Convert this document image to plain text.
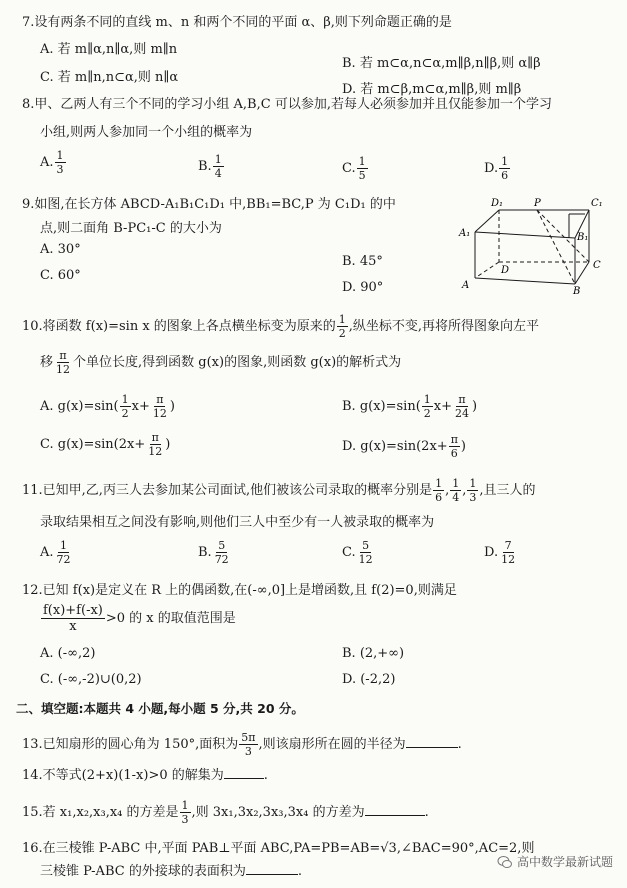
7.设有两条不同的直线 m、n 和两个不同的平面 α、β,则下列命题正确的是
A. 若 m∥α,n∥α,则 m∥n
B. 若 m⊂α,n⊂α,m∥β,n∥β,则 α∥β
C. 若 m∥n,n⊂α,则 n∥α
D. 若 m⊂β,m⊂α,m∥β,则 m∥β
8.甲、乙两人有三个不同的学习小组 A,B,C 可以参加,若每人必须参加并且仅能参加一个学习
小组,则两人参加同一个小组的概率为
A. $\frac{1}{3}$	B. $\frac{1}{4}$	C. $\frac{1}{5}$	D. $\frac{1}{6}$
9.如图,在长方体 ABCD-A₁B₁C₁D₁ 中,BB₁=BC,P 为 C₁D₁ 的中
点,则二面角 B-PC₁-C 的大小为
A. 30°
B. 45°
C. 60°
D. 90°
D₁	P	C₁
A₁	B₁
D	C
A
B
10.将函数 f(x)=sin x 的图象上各点横坐标变为原来的 $\frac{1}{2}$ ,纵坐标不变,再将所得图象向左平
移 $\frac{\pi}{12}$ 个单位长度,得到函数 g(x)的图象,则函数 g(x)的解析式为
A. $g(x)=\sin( \frac{1}{2} x+ \frac{\pi}{12}$ )	B. $g(x)=\sin( \frac{1}{2} x+ \frac{\pi}{24}$ )
C. $g(x)=\sin(2x+ \frac{\pi}{12}$ )	D. $g(x)=\sin(2x+ \frac{\pi}{6}$ )
11.已知甲,乙,丙三人去参加某公司面试,他们被该公司录取的概率分别是 $\frac{1}{6}$ , $\frac{1}{4}$ , $\frac{1}{3}$ ,且三人的
录取结果相互之间没有影响,则他们三人中至少有一人被录取的概率为
A. $\frac{1}{72}$	B. $\frac{5}{72}$	C. $\frac{5}{12}$	D. $\frac{7}{12}$
12.已知 f(x)是定义在 R 上的偶函数,在(-∞,0]上是增函数,且 f(2)=0,则满足
$\frac{f(x)+f(-x)}{x} >0$ 的 x 的取值范围是
A. (-∞,2)	B. (2,+∞)
C. (-∞,-2)∪(0,2)	D. (-2,2)
二、填空题:本题共 4 小题,每小题 5 分,共 20 分。
13.已知扇形的圆心角为 150°,面积为 $\frac{5\pi}{3}$ ,则该扇形所在圆的半径为	.
14.不等式(2+x)(1-x)>0 的解集为	.
15.若 x₁,x₂,x₃,x₄ 的方差是 $\frac{1}{3}$ ,则 3x₁,3x₂,3x₃,3x₄ 的方差为	.
16.在三棱锥 P-ABC 中,平面 PAB⊥平面 ABC,PA=PB=AB=√3,∠BAC=90°,AC=2,则
三棱锥 P-ABC 的外接球的表面积为	.
高中数学最新试题
